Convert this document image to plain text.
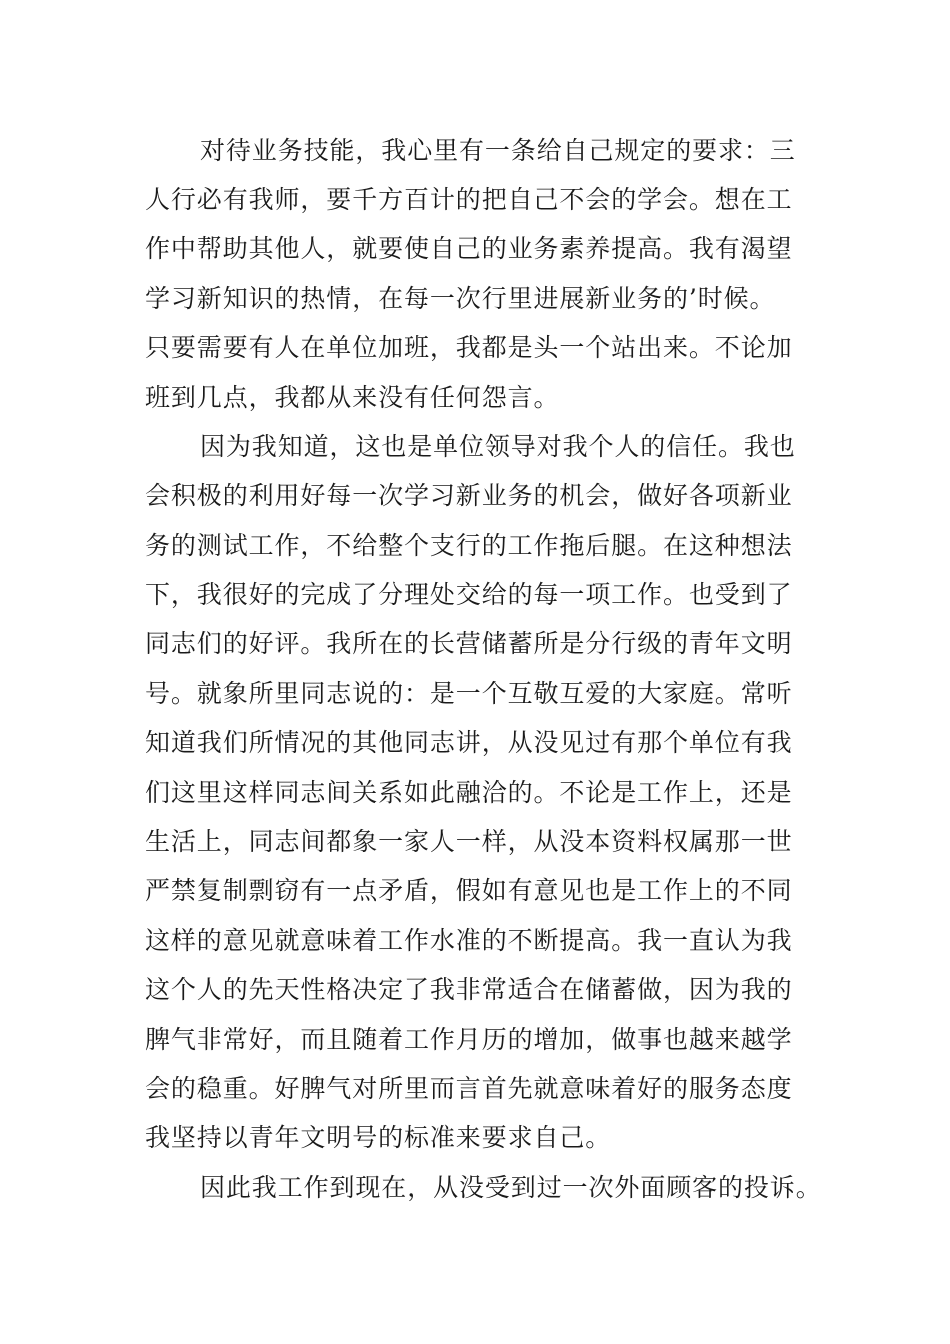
对待业务技能，我心里有一条给自己规定的要求：三
人行必有我师，要千方百计的把自己不会的学会。想在工
作中帮助其他人，就要使自己的业务素养提高。我有渴望
学习新知识的热情，在每一次行里进展新业务的’时候。
只要需要有人在单位加班，我都是头一个站出来。不论加
班到几点，我都从来没有任何怨言。
因为我知道，这也是单位领导对我个人的信任。我也
会积极的利用好每一次学习新业务的机会，做好各项新业
务的测试工作，不给整个支行的工作拖后腿。在这种想法
下，我很好的完成了分理处交给的每一项工作。也受到了
同志们的好评。我所在的长营储蓄所是分行级的青年文明
号。就象所里同志说的：是一个互敬互爱的大家庭。常听
知道我们所情况的其他同志讲，从没见过有那个单位有我
们这里这样同志间关系如此融洽的。不论是工作上，还是
生活上，同志间都象一家人一样，从没本资料权属那一世
严禁复制剽窃有一点矛盾，假如有意见也是工作上的不同
这样的意见就意味着工作水准的不断提高。我一直认为我
这个人的先天性格决定了我非常适合在储蓄做，因为我的
脾气非常好，而且随着工作月历的增加，做事也越来越学
会的稳重。好脾气对所里而言首先就意味着好的服务态度
我坚持以青年文明号的标准来要求自己。
因此我工作到现在，从没受到过一次外面顾客的投诉。
